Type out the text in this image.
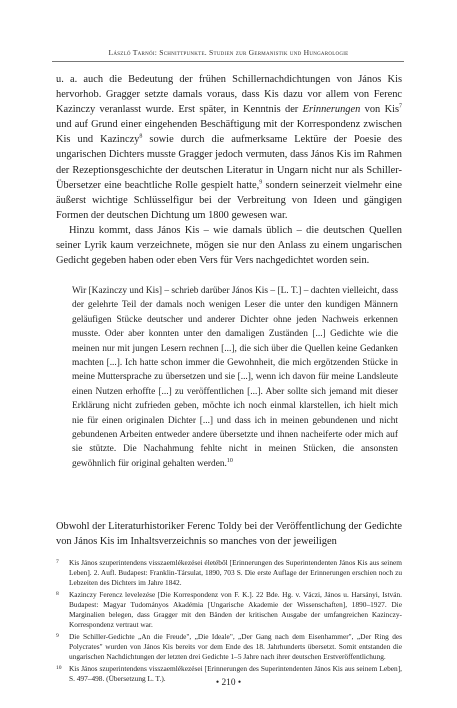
László Tarnói: Schnittpunkte. Studien zur Germanistik und Hungarologie

u. a. auch die Bedeutung der frühen Schillernachdichtungen von János Kis hervorhob. Gragger setzte damals voraus, dass Kis dazu vor allem von Ferenc Kazinczy veranlasst wurde. Erst später, in Kenntnis der Erinnerungen von Kis$^7$ und auf Grund einer eingehenden Beschäftigung mit der Korrespondenz zwischen Kis und Kazinczy$^8$ sowie durch die aufmerksame Lektüre der Poesie des ungarischen Dichters musste Gragger jedoch vermuten, dass János Kis im Rahmen der Rezeptionsgeschichte der deutschen Literatur in Ungarn nicht nur als Schiller-Übersetzer eine beachtliche Rolle gespielt hatte,$^9$ sondern seinerzeit vielmehr eine äußerst wichtige Schlüsselfigur bei der Verbreitung von Ideen und gängigen Formen der deutschen Dichtung um 1800 gewesen war.

Hinzu kommt, dass János Kis – wie damals üblich – die deutschen Quellen seiner Lyrik kaum verzeichnete, mögen sie nur den Anlass zu einem ungarischen Gedicht gegeben haben oder eben Vers für Vers nachgedichtet worden sein.

Wir [Kazinczy und Kis] – schrieb darüber János Kis – [L. T.] – dachten vielleicht, dass der gelehrte Teil der damals noch wenigen Leser die unter den kundigen Männern geläufigen Stücke deutscher und anderer Dichter ohne jeden Nachweis erkennen musste. Oder aber konnten unter den damaligen Zuständen [...] Gedichte wie die meinen nur mit jungen Lesern rechnen [...], die sich über die Quellen keine Gedanken machten [...]. Ich hatte schon immer die Gewohnheit, die mich ergötzenden Stücke in meine Muttersprache zu übersetzen und sie [...], wenn ich davon für meine Landsleute einen Nutzen erhoffte [...] zu veröffentlichen [...]. Aber sollte sich jemand mit dieser Erklärung nicht zufrieden geben, möchte ich noch einmal klarstellen, ich hielt mich nie für einen originalen Dichter [...] und dass ich in meinen gebundenen und nicht gebundenen Arbeiten entweder andere übersetzte und ihnen nacheiferte oder mich auf sie stützte. Die Nachahmung fehlte nicht in meinen Stücken, die ansonsten gewöhnlich für original gehalten werden.$^{10}$

Obwohl der Literaturhistoriker Ferenc Toldy bei der Veröffentlichung der Gedichte von János Kis im Inhaltsverzeichnis so manches von der jeweiligen

7 Kis János szuperintendens visszaemlékezései életéből [Erinnerungen des Superintendenten János Kis aus seinem Leben]. 2. Aufl. Budapest: Franklin-Társulat, 1890, 703 S. Die erste Auflage der Erinnerungen erschien noch zu Lebzeiten des Dichters im Jahre 1842.
8 Kazinczy Ferencz levelezése [Die Korrespondenz von F. K.]. 22 Bde. Hg. v. Váczi, János u. Harsányi, István. Budapest: Magyar Tudományos Akadémia [Ungarische Akademie der Wissenschaften], 1890–1927. Die Marginalien belegen, dass Gragger mit den Bänden der kritischen Ausgabe der umfangreichen Kazinczy-Korrespondenz vertraut war.
9 Die Schiller-Gedichte „An die Freude", „Die Ideale", „Der Gang nach dem Eisenhammer", „Der Ring des Polycrates" wurden von János Kis bereits vor dem Ende des 18. Jahrhunderts übersetzt. Somit entstanden die ungarischen Nachdichtungen der letzten drei Gedichte 1–5 Jahre nach ihrer deutschen Erstveröffentlichung.
10 Kis János szuperintendens visszaemlékezései [Erinnerungen des Superintendenten János Kis aus seinem Leben], S. 497–498. (Übersetzung L. T.).	• 210 •
